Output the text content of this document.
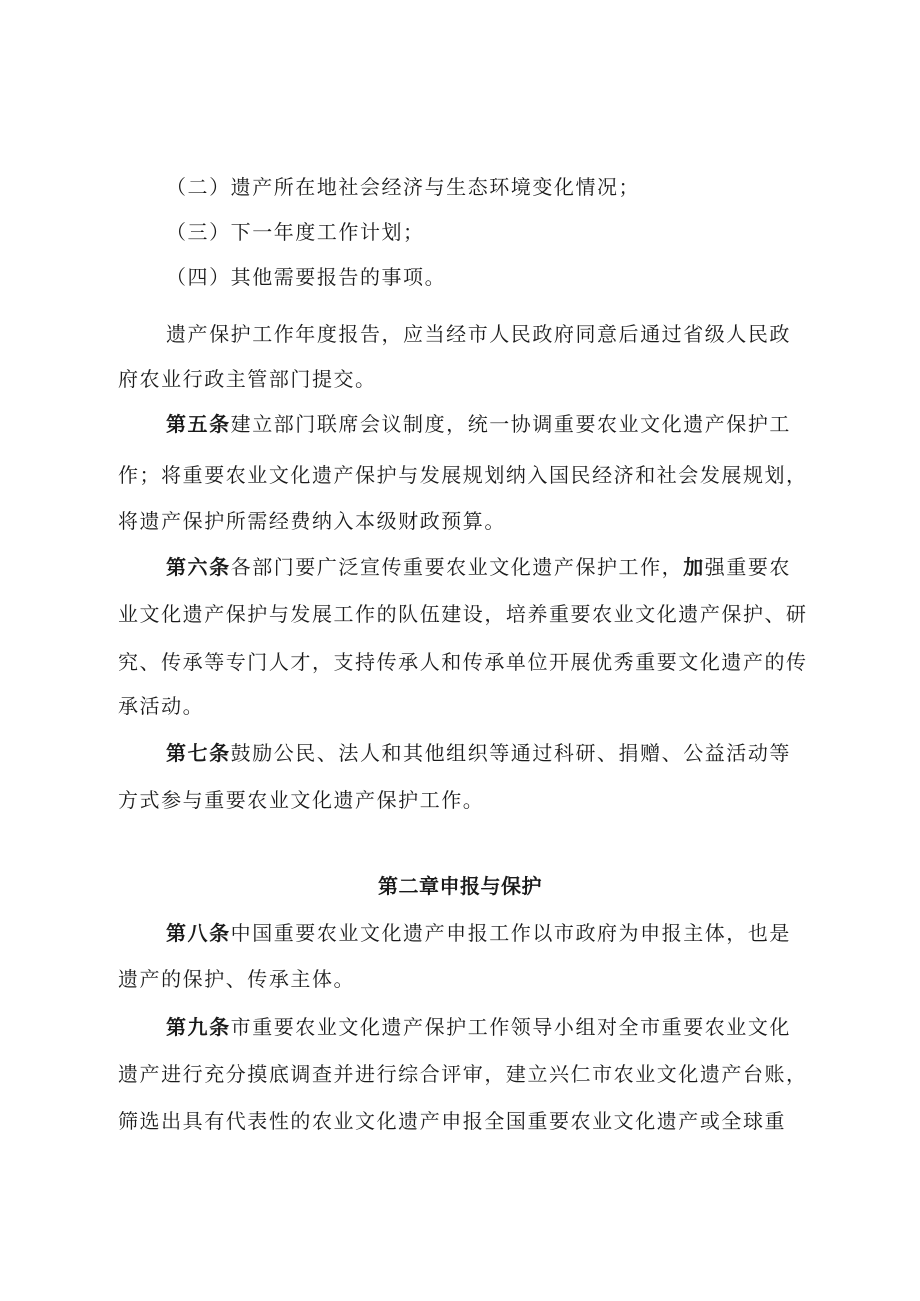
（二）遗产所在地社会经济与生态环境变化情况；
（三）下一年度工作计划；
（四）其他需要报告的事项。
遗产保护工作年度报告，应当经市人民政府同意后通过省级人民政
府农业行政主管部门提交。
第五条建立部门联席会议制度，统一协调重要农业文化遗产保护工
作；将重要农业文化遗产保护与发展规划纳入国民经济和社会发展规划，
将遗产保护所需经费纳入本级财政预算。
第六条各部门要广泛宣传重要农业文化遗产保护工作，加强重要农
业文化遗产保护与发展工作的队伍建设，培养重要农业文化遗产保护、研
究、传承等专门人才，支持传承人和传承单位开展优秀重要文化遗产的传
承活动。
第七条鼓励公民、法人和其他组织等通过科研、捐赠、公益活动等
方式参与重要农业文化遗产保护工作。
第二章申报与保护
第八条中国重要农业文化遗产申报工作以市政府为申报主体，也是
遗产的保护、传承主体。
第九条市重要农业文化遗产保护工作领导小组对全市重要农业文化
遗产进行充分摸底调查并进行综合评审，建立兴仁市农业文化遗产台账，
筛选出具有代表性的农业文化遗产申报全国重要农业文化遗产或全球重
